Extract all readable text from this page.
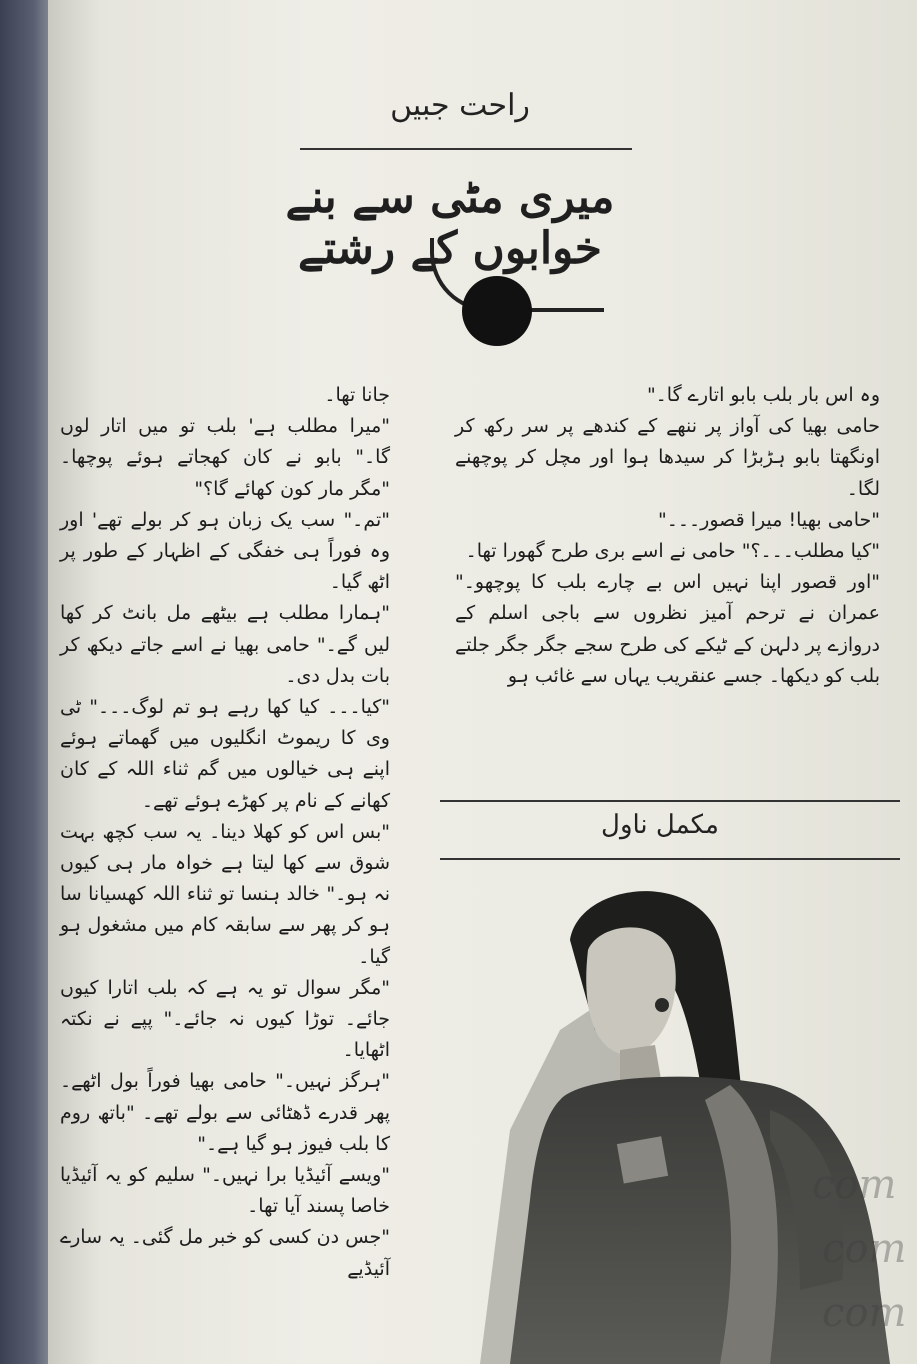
راحت جبیں
میری مٹی سے بنے خوابوں کے رشتے

وہ اس بار بلب بابو اتارے گا۔"

حامی بھیا کی آواز پر ننھے کے کندھے پر سر رکھ کر اونگھتا بابو ہڑبڑا کر سیدھا ہوا اور مچل کر پوچھنے لگا۔

"حامی بھیا! میرا قصور۔۔۔"

"کیا مطلب۔۔۔؟" حامی نے اسے بری طرح گھورا تھا۔

"اور قصور اپنا نہیں اس بے چارے بلب کا پوچھو۔" عمران نے ترحم آمیز نظروں سے باجی اسلم کے دروازے پر دلہن کے ٹیکے کی طرح سجے جگر جگر جلتے بلب کو دیکھا۔ جسے عنقریب یہاں سے غائب ہو

جانا تھا۔

"میرا مطلب ہے' بلب تو میں اتار لوں گا۔" بابو نے کان کھجاتے ہوئے پوچھا۔ "مگر مار کون کھائے گا؟"

"تم۔" سب یک زبان ہو کر بولے تھے' اور وہ فوراً ہی خفگی کے اظہار کے طور پر اٹھ گیا۔

"ہمارا مطلب ہے بیٹھے مل بانٹ کر کھا لیں گے۔" حامی بھیا نے اسے جاتے دیکھ کر بات بدل دی۔

"کیا۔۔۔ کیا کھا رہے ہو تم لوگ۔۔۔" ٹی وی کا ریموٹ انگلیوں میں گھماتے ہوئے اپنے ہی خیالوں میں گم ثناء اللہ کے کان کھانے کے نام پر کھڑے ہوئے تھے۔

"بس اس کو کھلا دینا۔ یہ سب کچھ بہت شوق سے کھا لیتا ہے خواہ مار ہی کیوں نہ ہو۔" خالد ہنسا تو ثناء اللہ کھسیانا سا ہو کر پھر سے سابقہ کام میں مشغول ہو گیا۔

"مگر سوال تو یہ ہے کہ بلب اتارا کیوں جائے۔ توڑا کیوں نہ جائے۔" پپے نے نکتہ اٹھایا۔

"ہرگز نہیں۔" حامی بھیا فوراً بول اٹھے۔ پھر قدرے ڈھٹائی سے بولے تھے۔ "باتھ روم کا بلب فیوز ہو گیا ہے۔"

"ویسے آئیڈیا برا نہیں۔" سلیم کو یہ آئیڈیا خاصا پسند آیا تھا۔

"جس دن کسی کو خبر مل گئی۔ یہ سارے آئیڈیے

مکمل ناول
com
com
com
